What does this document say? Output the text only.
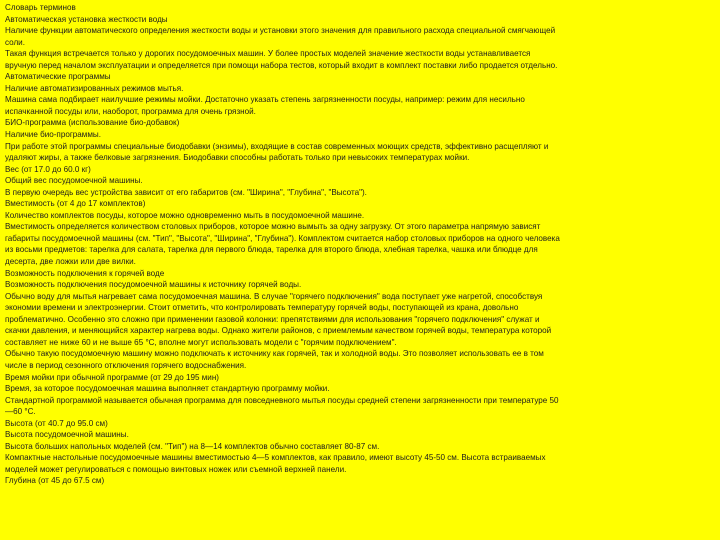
Словарь терминов
Автоматическая установка жесткости воды
Наличие функции автоматического определения жесткости воды и установки этого значения для правильного расхода специальной смягчающей
соли.
Такая функция встречается только у дорогих посудомоечных машин. У более простых моделей значение жесткости воды устанавливается
вручную перед началом эксплуатации и определяется при помощи набора тестов, который входит в комплект поставки либо продается отдельно.
Автоматические программы
Наличие автоматизированных режимов мытья.
Машина сама подбирает наилучшие режимы мойки. Достаточно указать степень загрязненности посуды, например: режим для несильно
испачканной посуды или, наоборот, программа для очень грязной.
БИО-программа (использование био-добавок)
Наличие био-программы.
При работе этой программы специальные биодобавки (энзимы), входящие в состав современных моющих средств, эффективно расщепляют и
удаляют жиры, а также белковые загрязнения. Биодобавки способны работать только при невысоких температурах мойки.
Вес (от 17.0 до 60.0 кг)
Общий вес посудомоечной машины.
В первую очередь вес устройства зависит от его габаритов (см. "Ширина", "Глубина", "Высота").
Вместимость (от 4 до 17 комплектов)
Количество комплектов посуды, которое можно одновременно мыть в посудомоечной машине.
Вместимость определяется количеством столовых приборов, которое можно вымыть за одну загрузку. От этого параметра напрямую зависят
габариты посудомоечной машины (см. "Тип", "Высота", "Ширина", "Глубина"). Комплектом считается набор столовых приборов на одного человека
из восьми предметов: тарелка для салата, тарелка для первого блюда, тарелка для второго блюда, хлебная тарелка, чашка или блюдце для
десерта, две ложки или две вилки.
Возможность подключения к горячей воде
Возможность подключения посудомоечной машины к источнику горячей воды.
Обычно воду для мытья нагревает сама посудомоечная машина. В случае "горячего подключения" вода поступает уже нагретой, способствуя
экономии времени и электроэнергии. Стоит отметить, что контролировать температуру горячей воды, поступающей из крана, довольно
проблематично. Особенно это сложно при применении газовой колонки: препятствиями для использования "горячего подключения" служат и
скачки давления, и меняющийся характер нагрева воды. Однако жители районов, с приемлемым качеством горячей воды, температура которой
составляет не ниже 60 и не выше 65 °С, вполне могут использовать модели с "горячим подключением".
Обычно такую посудомоечную машину можно подключать к источнику как горячей, так и холодной воды. Это позволяет использовать ее в том
числе в период сезонного отключения горячего водоснабжения.
Время мойки при обычной программе (от 29 до 195 мин)
Время, за которое посудомоечная машина выполняет стандартную программу мойки.
Стандартной программой называется обычная программа для повседневного мытья посуды средней степени загрязненности при температуре 50
—60 °С.
Высота (от 40.7 до 95.0 см)
Высота посудомоечной машины.
Высота больших напольных моделей (см. "Тип") на 8—14 комплектов обычно составляет 80-87 см.
Компактные настольные посудомоечные машины вместимостью 4—5 комплектов, как правило, имеют высоту 45-50 см. Высота встраиваемых
моделей может регулироваться с помощью винтовых ножек или съемной верхней панели.
Глубина (от 45 до 67.5 см)
